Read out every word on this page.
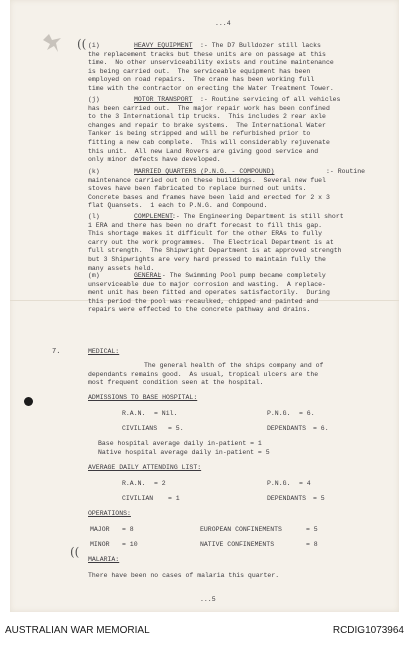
...4
((
7.
((
(i)	HEAVY EQUIPMENT	:- The D7 Bulldozer still lacks
the replacement tracks but these units are on passage at this
time.  No other unserviceability exists and routine maintenance
is being carried out.  The serviceable equipment has been
employed on road repairs.  The crane has been working full
time with the contractor on erecting the Water Treatment Tower.
(j)	MOTOR TRANSPORT	:- Routine servicing of all vehicles
has been carried out.  The major repair work has been confined
to the 3 International tip trucks.  This includes 2 rear axle
changes and repair to brake systems.  The International Water
Tanker is being stripped and will be refurbished prior to
fitting a new cab complete.  This will considerably rejuvenate
this unit.  All new Land Rovers are giving good service and
only minor defects have developed.
(k)	MARRIED QUARTERS (P.N.G. - COMPOUND)	:- Routine
maintenance carried out on these buildings.  Several new fuel
stoves have been fabricated to replace burned out units.
Concrete bases and frames have been laid and erected for 2 x 3
flat Quansets.  1 each to P.N.G. and Compound.
(l)	COMPLEMENT
:- The Engineering Department is still short
1 ERA and there has been no draft forecast to fill this gap.
This shortage makes it difficult for the other ERAs to fully
carry out the work programmes.  The Electrical Department is at
full strength.  The Shipwright Department is at approved strength
but 3 Shipwrights are very hard pressed to maintain fully the
many assets held.
(m)	GENERAL
:- The Swimming Pool pump became completely
unserviceable due to major corrosion and wasting.  A replace-
ment unit has been fitted and operates satisfactorily.  During
this period the pool was recaulked, chipped and painted and
repairs were effected to the concrete pathway and drains.
MEDICAL:
The general health of the ships company and of
dependants remains good.  As usual, tropical ulcers are the
most frequent condition seen at the hospital.
ADMISSIONS TO BASE HOSPITAL:
R.A.N. = Nil.	P.N.G. = 6.
CIVILIANS = 5.	DEPENDANTS = 6.
Base hospital average daily in-patient = 1
Native hospital average daily in-patient = 5
AVERAGE DAILY ATTENDING LIST:
R.A.N. = 2	P.N.G. = 4
CIVILIAN = 1	DEPENDANTS = 5
OPERATIONS:
MAJOR = 8	EUROPEAN CONFINEMENTS	= 5
MINOR = 10	NATIVE CONFINEMENTS	= 8
MALARIA:
There have been no cases of malaria this quarter.
...5
AUSTRALIAN WAR MEMORIAL	RCDIG1073964
